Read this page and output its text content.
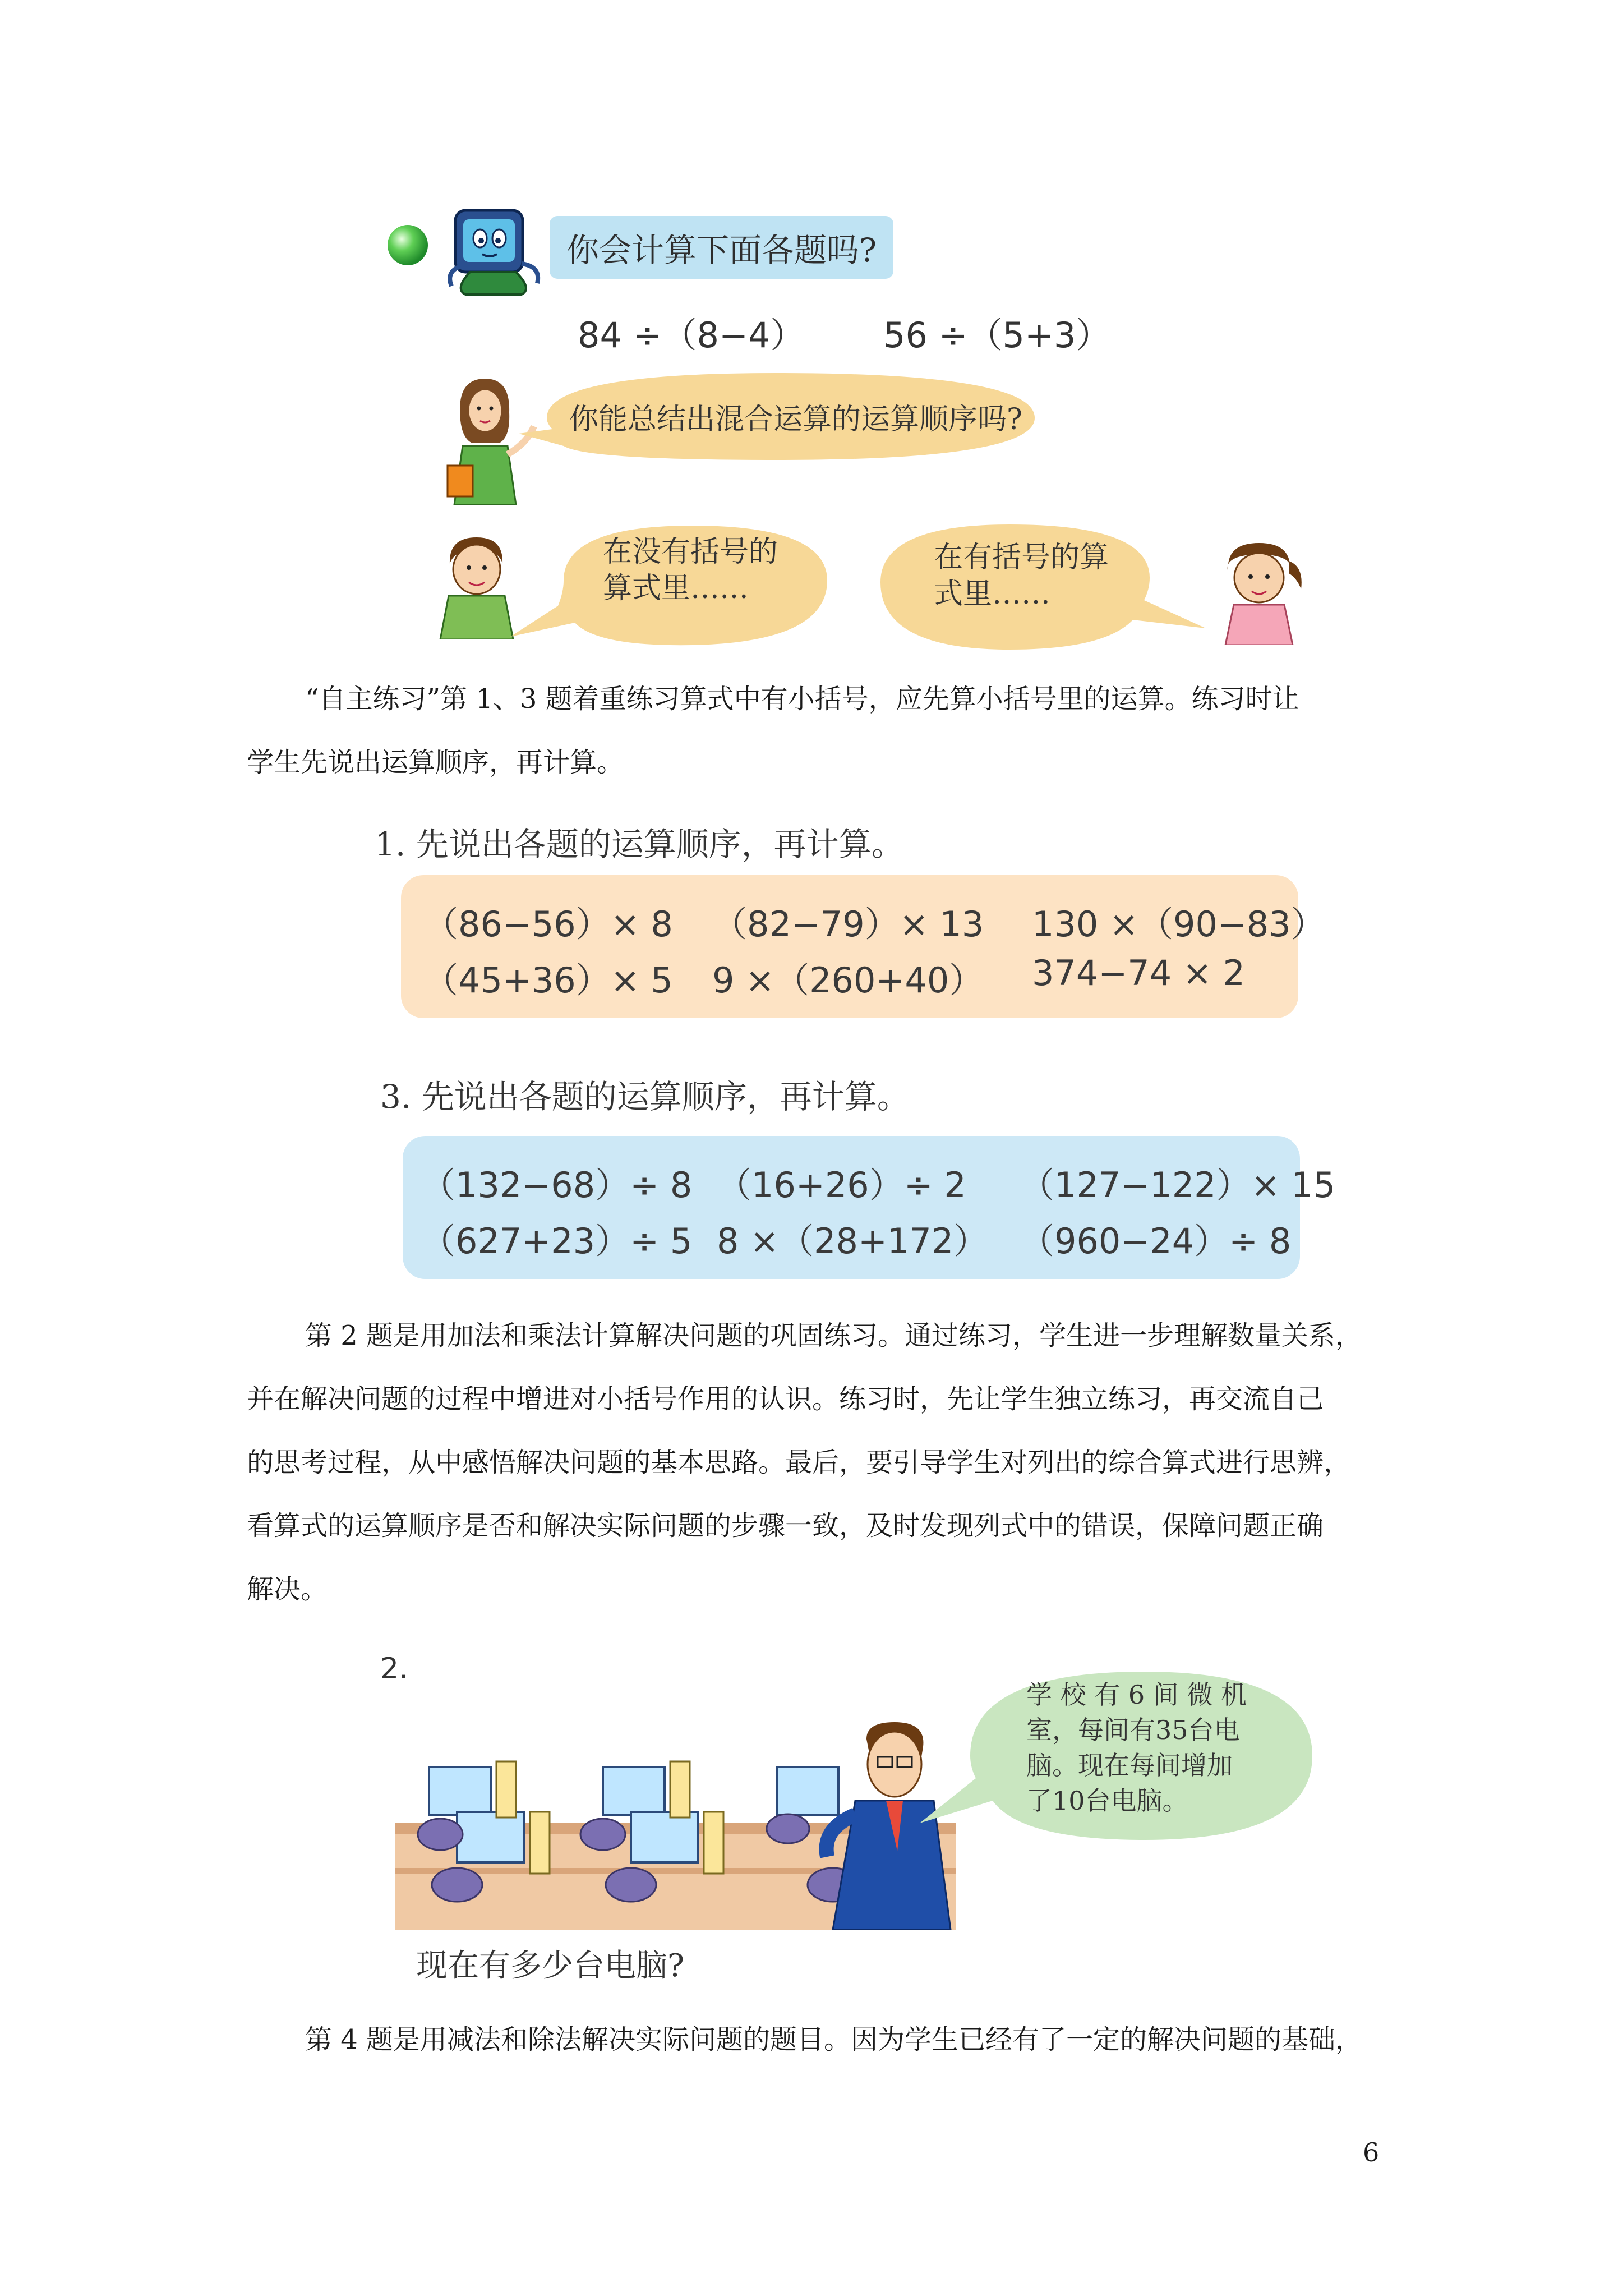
你会计算下面各题吗?
84 ÷（8−4） 56 ÷（5+3）
你能总结出混合运算的运算顺序吗?
在没有括号的
算式里……
在有括号的算
式里……

“自主练习”第 1、3 题着重练习算式中有小括号，应先算小括号里的运算。练习时让

学生先说出运算顺序，再计算。

1. 先说出各题的运算顺序，再计算。
（86−56）× 8 （82−79）× 13 130 ×（90−83）
（45+36）× 5 9 ×（260+40） 374−74 × 2
3. 先说出各题的运算顺序，再计算。
（132−68）÷ 8 （16+26）÷ 2 （127−122）× 15
（627+23）÷ 5 8 ×（28+172） （960−24）÷ 8

第 2 题是用加法和乘法计算解决问题的巩固练习。通过练习，学生进一步理解数量关系，

并在解决问题的过程中增进对小括号作用的认识。练习时，先让学生独立练习，再交流自己

的思考过程，从中感悟解决问题的基本思路。最后，要引导学生对列出的综合算式进行思辨，

看算式的运算顺序是否和解决实际问题的步骤一致，及时发现列式中的错误，保障问题正确

解决。

2.
学 校 有 6 间 微 机
室，每间有35台电
脑。现在每间增加
了10台电脑。
现在有多少台电脑?

第 4 题是用减法和除法解决实际问题的题目。因为学生已经有了一定的解决问题的基础，

6
